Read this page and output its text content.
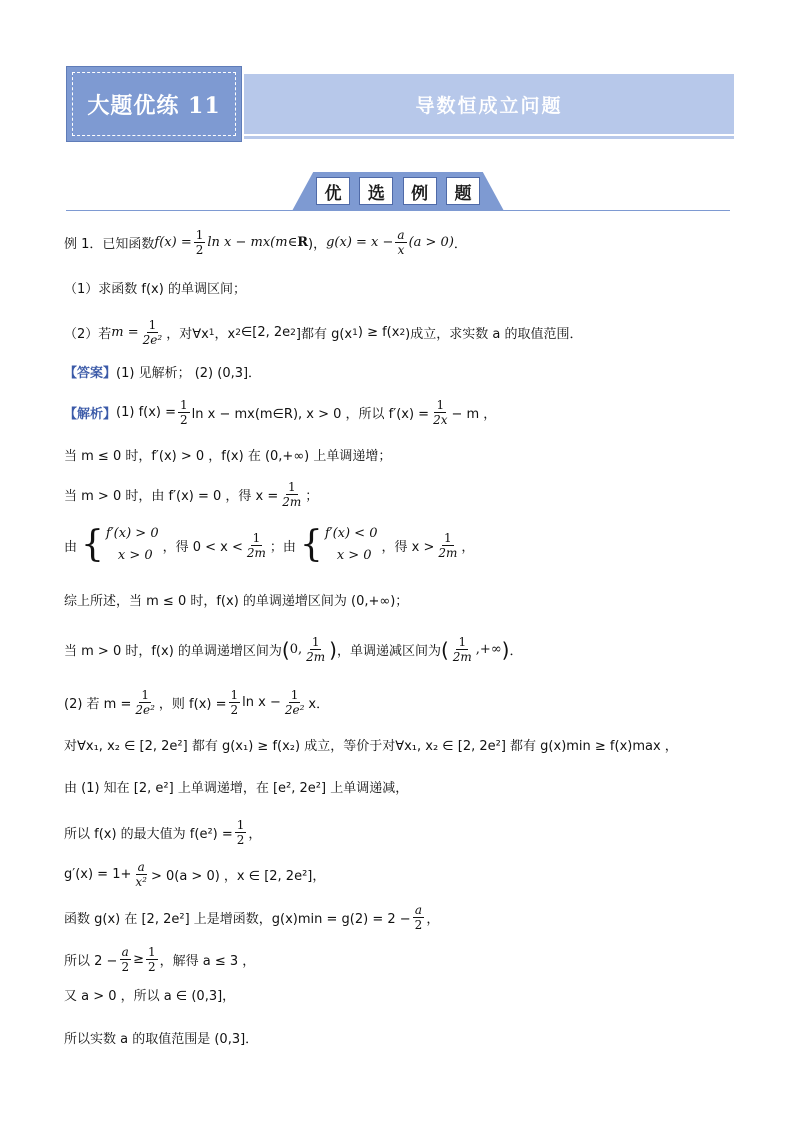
大题优练 11	导数恒成立问题
优	选	例	题
例 1．已知函数 $f(x) = \frac{1}{2}$ ln x − mx(m∈ R )， $g(x) = x - \frac{a}{x} (a > 0)$ ．
（1）求函数 f(x) 的单调区间；
（2）若 $m = \frac{1}{\text{2e²}}$ ，对∀x 1 ，x 2 ∈[2, 2e 2 ]都有 g(x 1 ) ≥ f(x 2 )成立，求实数 a 的取值范围．
【答案】 (1) 见解析； (2) (0,3]．
【解析】 (1) $f(x) = \frac{1}{2}$ ln x − mx(m∈R), x > 0 ，所以 $f'(x) = \frac{1}{2x} - m$ ，
当 m ≤ 0 时，f′(x) > 0 ，f(x) 在 (0,+∞) 上单调递增；
当 m > 0 时，由 f′(x) = 0 ，得 $x = \frac{1}{2m}$ ；
由 { f′(x) > 0
x > 0
，得 $0 < x < \frac{1}{2m}$ ；由 { f′(x) < 0
x > 0
，得 $x > \frac{1}{2m}$ ，
综上所述，当 m ≤ 0 时，f(x) 的单调递增区间为 (0,+∞)；
当 m > 0 时，f(x) 的单调递增区间为 ( 0, $\frac{1}{2m}$ ) ，单调递减区间为 ( $\frac{1}{2m}$ ,+∞ ) ．
(2) 若 $m = \frac{1}{\text{2e²}}$ ，则 $f(x) = \frac{1}{2}$ $\ln x - \frac{1}{\text{2e²}}$ x．
对∀x₁, x₂ ∈ [2, 2e²] 都有 g(x₁) ≥ f(x₂) 成立，等价于对∀x₁, x₂ ∈ [2, 2e²] 都有 g(x)min ≥ f(x)max ，
由 (1) 知在 [2, e²] 上单调递增，在 [e², 2e²] 上单调递减，
所以 f(x) 的最大值为 $f(e^2) = \frac{1}{2}$ ，
$g'(x) = 1+ \frac{a}{\text{x²}} > 0(a > 0)$ ，x ∈ [2, 2e²]，
函数 g(x) 在 [2, 2e²] 上是增函数，$g(x)\min = g(2) = 2 - \frac{a}{2}$ ，
所以 $2 - \frac{a}{2} \ge \frac{1}{2}$ ，解得 a ≤ 3 ，
又 a > 0 ，所以 a ∈ (0,3]，
所以实数 a 的取值范围是 (0,3]．
